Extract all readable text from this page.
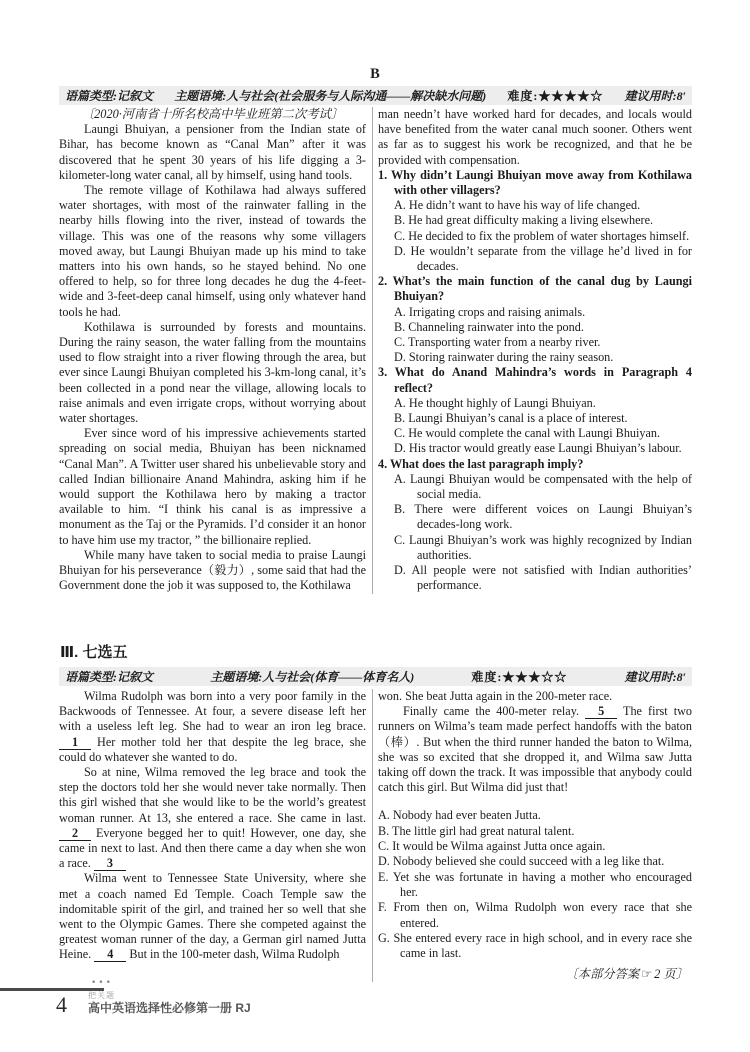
B
语篇类型:记叙文 主题语境:人与社会(社会服务与人际沟通——解决缺水问题) 难度:★★★★☆ 建议用时:8′
〔2020·河南省十所名校高中毕业班第二次考试〕

Laungi Bhuiyan, a pensioner from the Indian state of Bihar, has become known as “Canal Man” after it was discovered that he spent 30 years of his life digging a 3-kilometer-long water canal, all by himself, using hand tools.

The remote village of Kothilawa had always suffered water shortages, with most of the rainwater falling in the nearby hills flowing into the river, instead of towards the village. This was one of the reasons why some villagers moved away, but Laungi Bhuiyan made up his mind to take matters into his own hands, so he stayed behind. No one offered to help, so for three long decades he dug the 4-feet-wide and 3-feet-deep canal himself, using only whatever hand tools he had.

Kothilawa is surrounded by forests and mountains. During the rainy season, the water falling from the mountains used to flow straight into a river flowing through the area, but ever since Laungi Bhuiyan completed his 3-km-long canal, it’s been collected in a pond near the village, allowing locals to raise animals and even irrigate crops, without worrying about water shortages.

Ever since word of his impressive achievements started spreading on social media, Bhuiyan has been nicknamed “Canal Man”. A Twitter user shared his unbelievable story and called Indian billionaire Anand Mahindra, asking him if he would support the Kothilawa hero by making a tractor available to him. “I think his canal is as impressive a monument as the Taj or the Pyramids. I’d consider it an honor to have him use my tractor, ” the billionaire replied.

While many have taken to social media to praise Laungi Bhuiyan for his perseverance（毅力）, some said that had the Government done the job it was supposed to, the Kothilawa

man needn’t have worked hard for decades, and locals would have benefited from the water canal much sooner. Others went as far as to suggest his work be recognized, and that he be provided with compensation.

1. Why didn’t Laungi Bhuiyan move away from Kothilawa with other villagers?
A. He didn’t want to have his way of life changed.
B. He had great difficulty making a living elsewhere.
C. He decided to fix the problem of water shortages himself.
D. He wouldn’t separate from the village he’d lived in for decades.
2. What’s the main function of the canal dug by Laungi Bhuiyan?
A. Irrigating crops and raising animals.
B. Channeling rainwater into the pond.
C. Transporting water from a nearby river.
D. Storing rainwater during the rainy season.
3. What do Anand Mahindra’s words in Paragraph 4 reflect?
A. He thought highly of Laungi Bhuiyan.
B. Laungi Bhuiyan’s canal is a place of interest.
C. He would complete the canal with Laungi Bhuiyan.
D. His tractor would greatly ease Laungi Bhuiyan’s labour.
4. What does the last paragraph imply?
A. Laungi Bhuiyan would be compensated with the help of social media.
B. There were different voices on Laungi Bhuiyan’s decades-long work.
C. Laungi Bhuiyan’s work was highly recognized by Indian authorities.
D. All people were not satisfied with Indian authorities’ performance.
Ⅲ. 七选五
语篇类型:记叙文	主题语境:人与社会(体育——体育名人)	难度:★★★☆☆	建议用时:8′

Wilma Rudolph was born into a very poor family in the Backwoods of Tennessee. At four, a severe disease left her with a useless left leg. She had to wear an iron leg brace. 1 Her mother told her that despite the leg brace, she could do whatever she wanted to do.

So at nine, Wilma removed the leg brace and took the step the doctors told her she would never take normally. Then this girl wished that she would like to be the world’s greatest woman runner. At 13, she entered a race. She came in last. 2 Everyone begged her to quit! However, one day, she came in next to last. And then there came a day when she won a race. 3

Wilma went to Tennessee State University, where she met a coach named Ed Temple. Coach Temple saw the indomitable spirit of the girl, and trained her so well that she went to the Olympic Games. There she competed against the greatest woman runner of the day, a German girl named Jutta Heine. 4 But in the 100-meter dash, Wilma Rudolph

won. She beat Jutta again in the 200-meter race.

Finally came the 400-meter relay. 5 The first two runners on Wilma’s team made perfect handoffs with the baton（棒）. But when the third runner handed the baton to Wilma, she was so excited that she dropped it, and Wilma saw Jutta taking off down the track. It was impossible that anybody could catch this girl. But Wilma did just that!

A. Nobody had ever beaten Jutta.
B. The little girl had great natural talent.
C. It would be Wilma against Jutta once again.
D. Nobody believed she could succeed with a leg like that.
E. Yet she was fortunate in having a mother who encouraged her.
F. From then on, Wilma Rudolph won every race that she entered.
G. She entered every race in high school, and in every race she came in last.
〔本部分答案 ☞ 2 页〕
•••
4	把关题
高中英语选择性必修第一册 RJ
